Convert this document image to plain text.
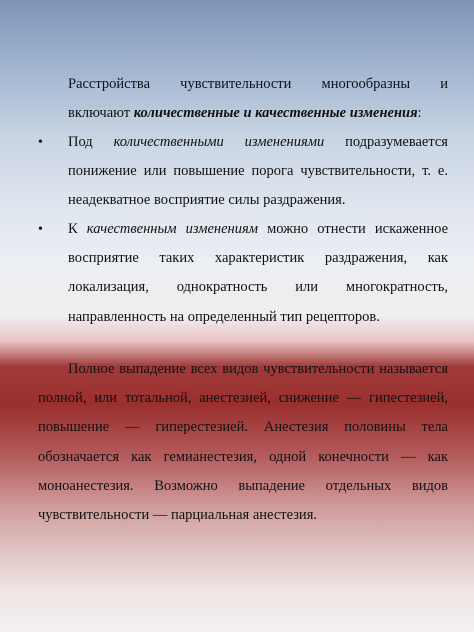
Расстройства чувствительности многообразны и

включают количественные и качественные изменения:

• Под количественными изменениями подразумевается понижение или повышение порога чувствительности, т. е. неадекватное восприятие силы раздражения.

• К качественным изменениям можно отнести искаженное восприятие таких характеристик раздражения, как локализация, однократность или многократность, направленность на определенный тип рецепторов.

Полное выпадение всех видов чувствительности называется полной, или тотальной, анестезией, снижение — гипестезией, повышение — гиперестезией. Анестезия половины тела обозначается как гемианестезия, одной конечности — как моноанестезия. Возможно выпадение отдельных видов чувствительности — парциальная анестезия.
